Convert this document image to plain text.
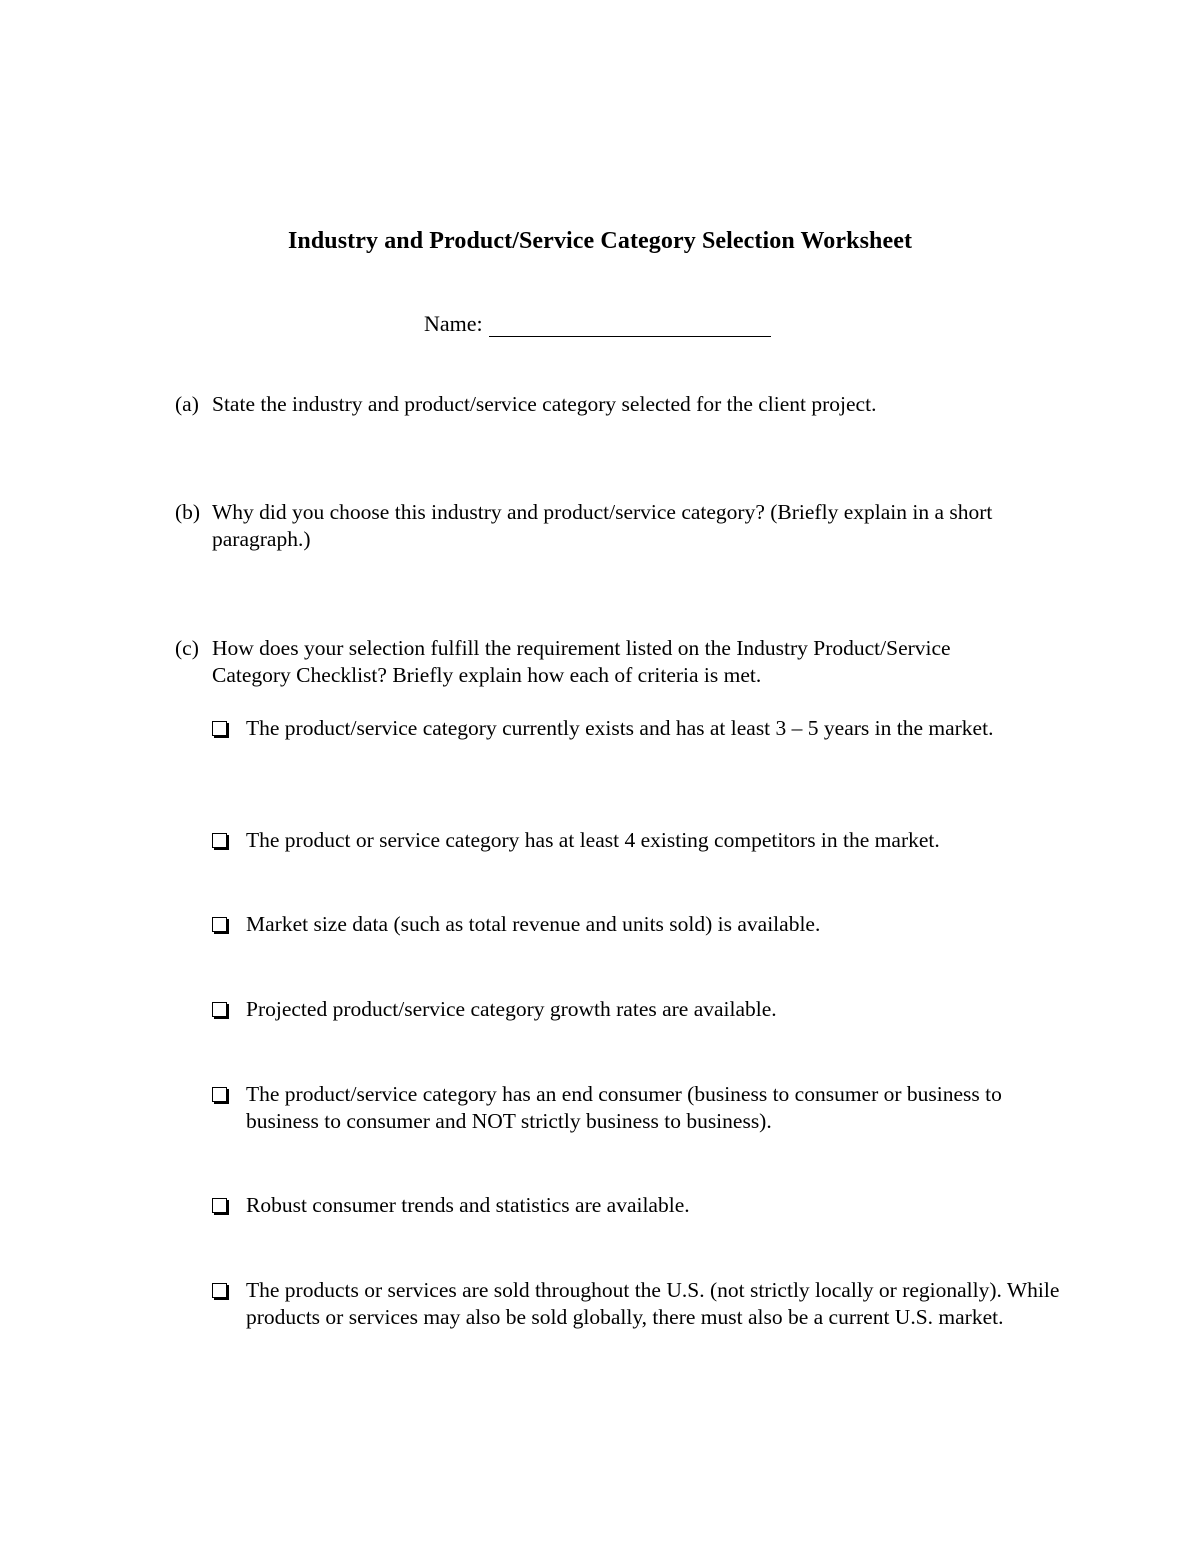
Industry and Product/Service Category Selection Worksheet
Name:
(a) State the industry and product/service category selected for the client project.
(b) Why did you choose this industry and product/service category? (Briefly explain in a short paragraph.)
(c) How does your selection fulfill the requirement listed on the Industry Product/Service Category Checklist? Briefly explain how each of criteria is met.
The product/service category currently exists and has at least 3 – 5 years in the market.
The product or service category has at least 4 existing competitors in the market.
Market size data (such as total revenue and units sold) is available.
Projected product/service category growth rates are available.
The product/service category has an end consumer (business to consumer or business to business to consumer and NOT strictly business to business).
Robust consumer trends and statistics are available.
The products or services are sold throughout the U.S. (not strictly locally or regionally). While products or services may also be sold globally, there must also be a current U.S. market.
